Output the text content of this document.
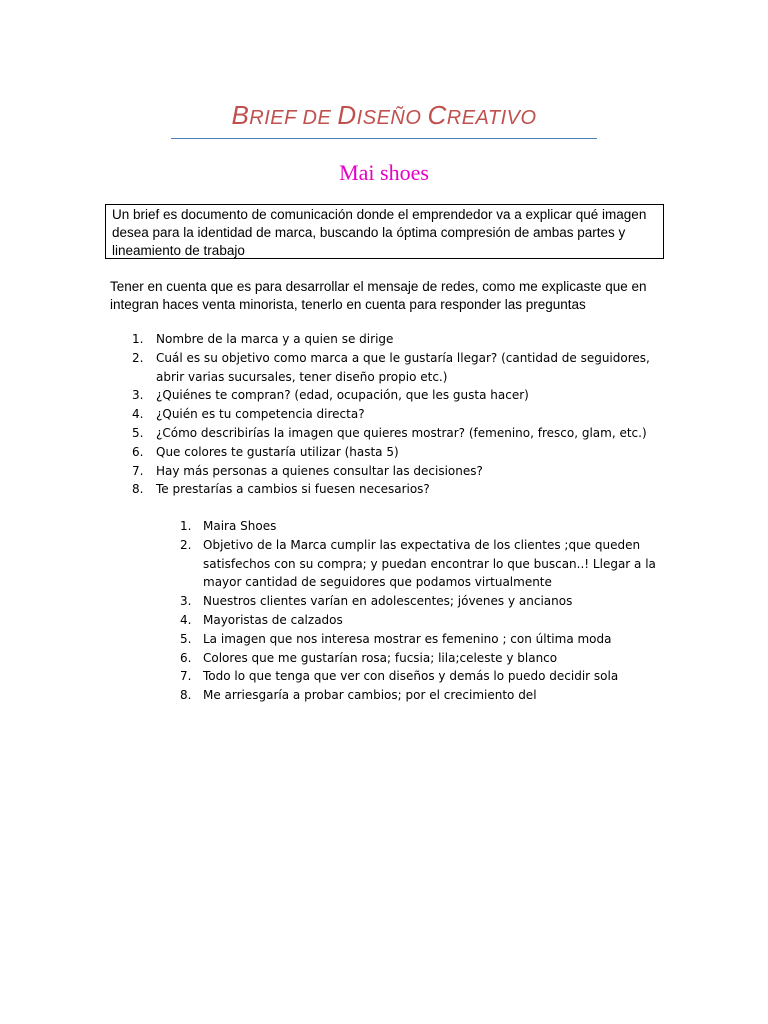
BRIEF DE DISEÑO CREATIVO
Mai shoes
Un brief es documento de comunicación donde el emprendedor va a explicar qué imagen desea para la identidad de marca, buscando la óptima compresión de ambas partes y lineamiento de trabajo
Tener en cuenta que es para desarrollar el mensaje de redes, como me explicaste que en integran haces venta minorista, tenerlo en cuenta para responder las preguntas
1. Nombre de la marca y a quien se dirige
2. Cuál es su objetivo como marca a que le gustaría llegar? (cantidad de seguidores, abrir varias sucursales, tener diseño propio etc.)
3. ¿Quiénes te compran? (edad, ocupación, que les gusta hacer)
4. ¿Quién es tu competencia directa?
5. ¿Cómo describirías la imagen que quieres mostrar? (femenino, fresco, glam, etc.)
6. Que colores te gustaría utilizar (hasta 5)
7. Hay más personas a quienes consultar las decisiones?
8. Te prestarías a cambios si fuesen necesarios?
1. Maira Shoes
2. Objetivo de la Marca cumplir las expectativa de los clientes ;que queden satisfechos con su compra; y puedan encontrar lo que buscan..! Llegar a la mayor cantidad de seguidores que podamos virtualmente
3. Nuestros clientes varían en adolescentes; jóvenes y ancianos
4. Mayoristas de calzados
5. La imagen que nos interesa mostrar es femenino ; con última moda
6. Colores que me gustarían rosa; fucsia; lila;celeste y blanco
7. Todo lo que tenga que ver con diseños y demás lo puedo decidir sola
8. Me arriesgaría a probar cambios; por el crecimiento del
